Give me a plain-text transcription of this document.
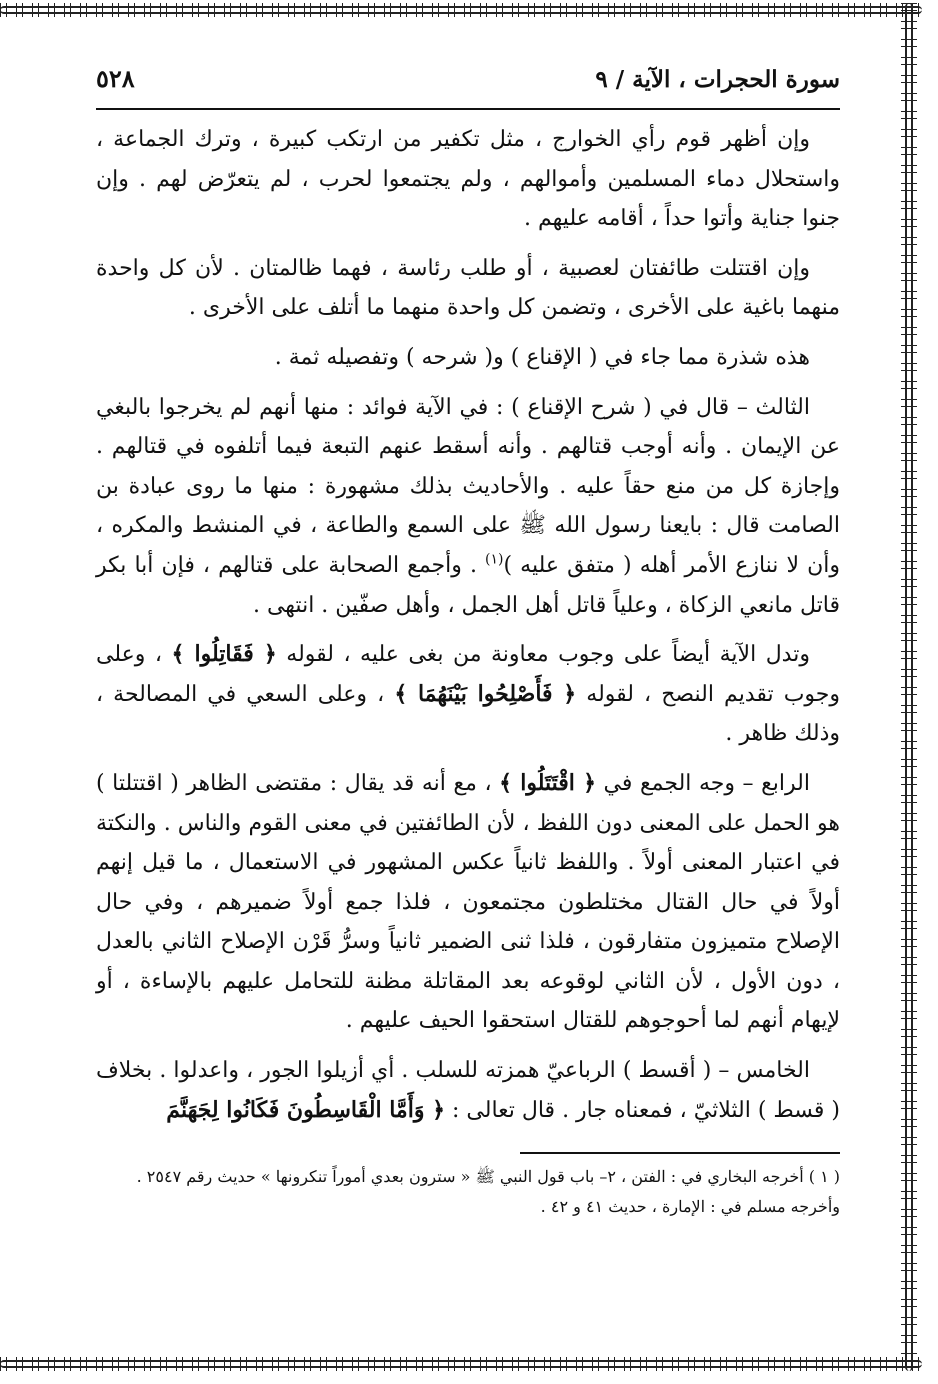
سورة الحجرات ، الآية / ٩
٥٢٨

وإن أظهر قوم رأي الخوارج ، مثل تكفير من ارتكب كبيرة ، وترك الجماعة ، واستحلال دماء المسلمين وأموالهم ، ولم يجتمعوا لحرب ، لم يتعرّض لهم . وإن جنوا جناية وأتوا حداً ، أقامه عليهم .

وإن اقتتلت طائفتان لعصبية ، أو طلب رئاسة ، فهما ظالمتان . لأن كل واحدة منهما باغية على الأخرى ، وتضمن كل واحدة منهما ما أتلف على الأخرى .

هذه شذرة مما جاء في ( الإقناع ) و( شرحه ) وتفصيله ثمة .

الثالث – قال في ( شرح الإقناع ) : في الآية فوائد : منها أنهم لم يخرجوا بالبغي عن الإيمان . وأنه أوجب قتالهم . وأنه أسقط عنهم التبعة فيما أتلفوه في قتالهم . وإجازة كل من منع حقاً عليه . والأحاديث بذلك مشهورة : منها ما روى عبادة بن الصامت قال : بايعنا رسول الله ﷺ على السمع والطاعة ، في المنشط والمكره ، وأن لا ننازع الأمر أهله ( متفق عليه )$^{(١)}$ . وأجمع الصحابة على قتالهم ، فإن أبا بكر قاتل مانعي الزكاة ، وعلياً قاتل أهل الجمل ، وأهل صفّين . انتهى .

وتدل الآية أيضاً على وجوب معاونة من بغى عليه ، لقوله ﴿ فَقَاتِلُوا ﴾ ، وعلى وجوب تقديم النصح ، لقوله ﴿ فَأَصْلِحُوا بَيْنَهُمَا ﴾ ، وعلى السعي في المصالحة ، وذلك ظاهر .

الرابع – وجه الجمع في ﴿ اقْتَتَلُوا ﴾ ، مع أنه قد يقال : مقتضى الظاهر ( اقتتلتا ) هو الحمل على المعنى دون اللفظ ، لأن الطائفتين في معنى القوم والناس . والنكتة في اعتبار المعنى أولاً . واللفظ ثانياً عكس المشهور في الاستعمال ، ما قيل إنهم أولاً في حال القتال مختلطون مجتمعون ، فلذا جمع أولاً ضميرهم ، وفي حال الإصلاح متميزون متفارقون ، فلذا ثنى الضمير ثانياً وسرُّ قَرْن الإصلاح الثاني بالعدل ، دون الأول ، لأن الثاني لوقوعه بعد المقاتلة مظنة للتحامل عليهم بالإساءة ، أو لإيهام أنهم لما أحوجوهم للقتال استحقوا الحيف عليهم .

الخامس – ( أقسط ) الرباعيّ همزته للسلب . أي أزيلوا الجور ، واعدلوا . بخلاف ( قسط ) الثلاثيّ ، فمعناه جار . قال تعالى : ﴿ وَأَمَّا الْقَاسِطُونَ فَكَانُوا لِجَهَنَّمَ

( ١ ) أخرجه البخاري في : الفتن ، ٢– باب قول النبي ﷺ « سترون بعدي أموراً تنكرونها » حديث رقم ٢٥٤٧ .

وأخرجه مسلم في : الإمارة ، حديث ٤١ و ٤٢ .
